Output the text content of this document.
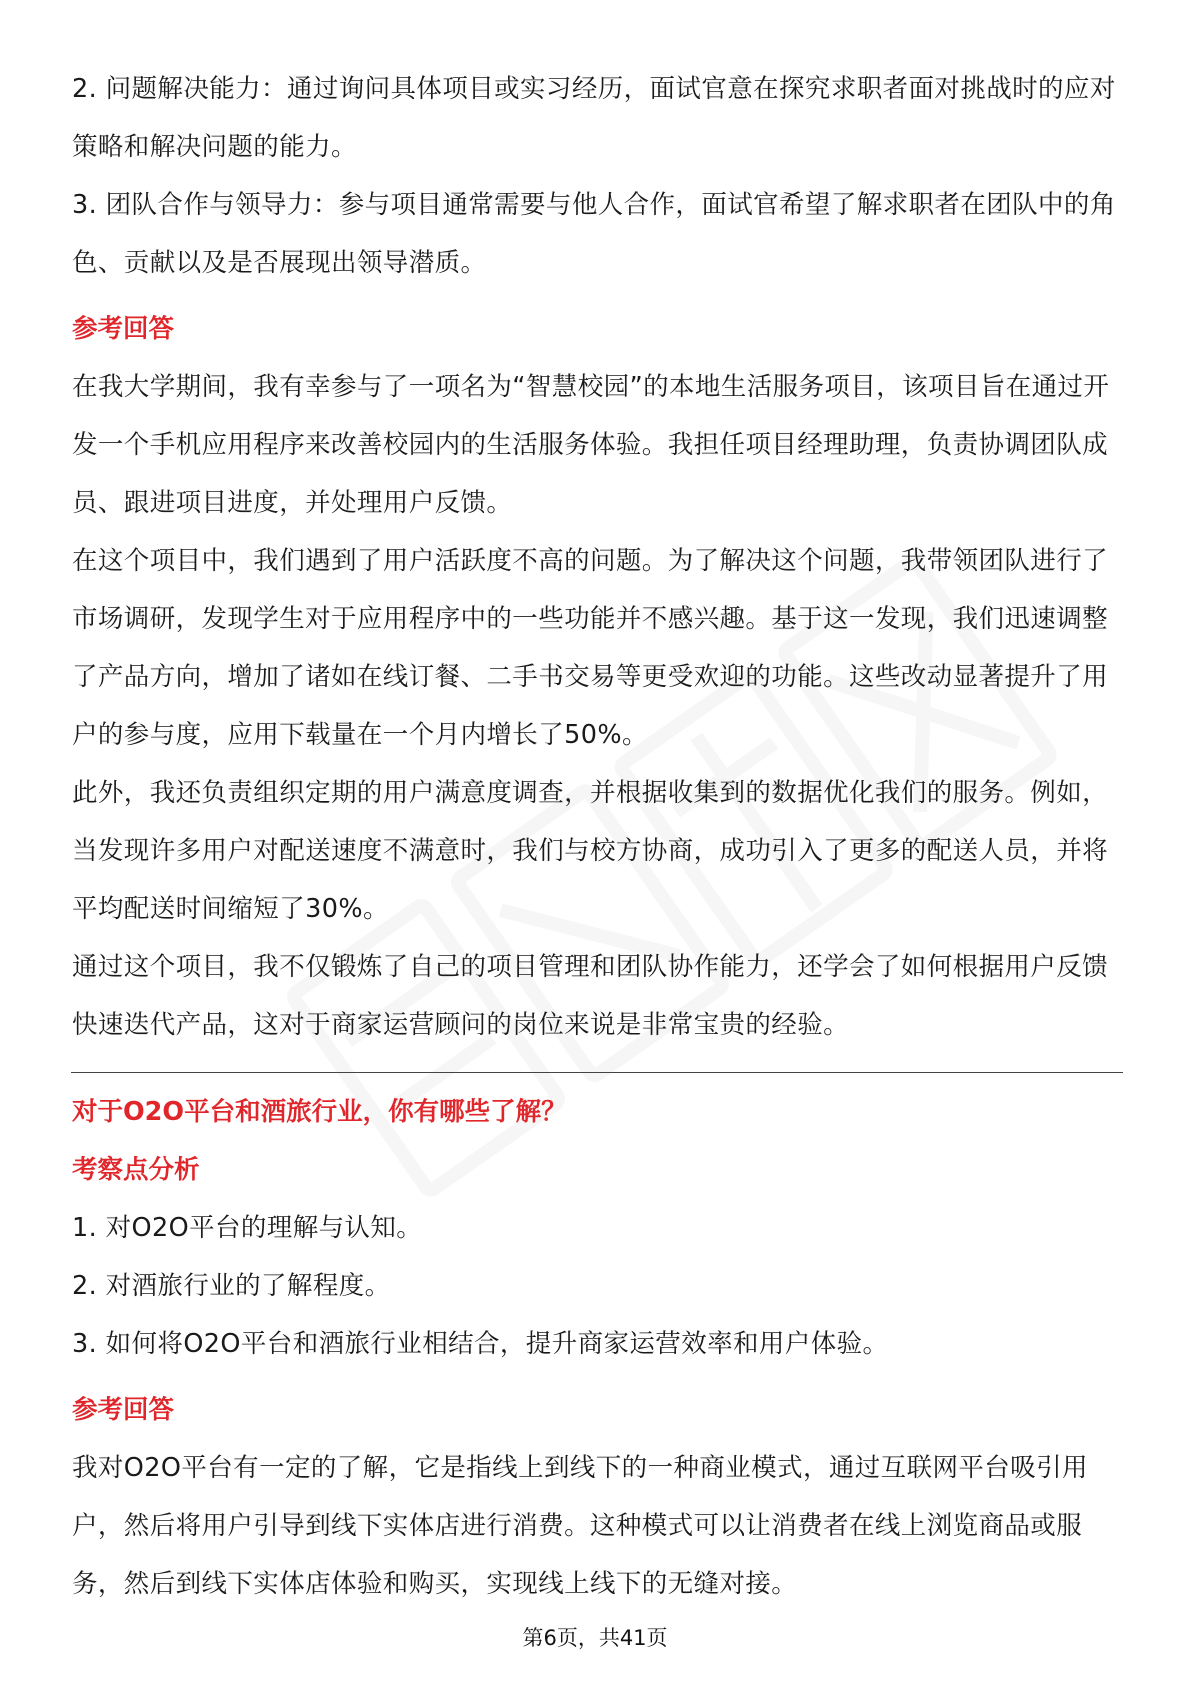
2. 问题解决能力：通过询问具体项目或实习经历，面试官意在探究求职者面对挑战时的应对策略和解决问题的能力。

3. 团队合作与领导力：参与项目通常需要与他人合作，面试官希望了解求职者在团队中的角色、贡献以及是否展现出领导潜质。

参考回答

在我大学期间，我有幸参与了一项名为“智慧校园”的本地生活服务项目，该项目旨在通过开发一个手机应用程序来改善校园内的生活服务体验。我担任项目经理助理，负责协调团队成员、跟进项目进度，并处理用户反馈。

在这个项目中，我们遇到了用户活跃度不高的问题。为了解决这个问题，我带领团队进行了市场调研，发现学生对于应用程序中的一些功能并不感兴趣。基于这一发现，我们迅速调整了产品方向，增加了诸如在线订餐、二手书交易等更受欢迎的功能。这些改动显著提升了用户的参与度，应用下载量在一个月内增长了50%。

此外，我还负责组织定期的用户满意度调查，并根据收集到的数据优化我们的服务。例如，当发现许多用户对配送速度不满意时，我们与校方协商，成功引入了更多的配送人员，并将平均配送时间缩短了30%。

通过这个项目，我不仅锻炼了自己的项目管理和团队协作能力，还学会了如何根据用户反馈快速迭代产品，这对于商家运营顾问的岗位来说是非常宝贵的经验。

对于O2O平台和酒旅行业，你有哪些了解？

考察点分析

1. 对O2O平台的理解与认知。

2. 对酒旅行业的了解程度。

3. 如何将O2O平台和酒旅行业相结合，提升商家运营效率和用户体验。

参考回答

我对O2O平台有一定的了解，它是指线上到线下的一种商业模式，通过互联网平台吸引用户，然后将用户引导到线下实体店进行消费。这种模式可以让消费者在线上浏览商品或服务，然后到线下实体店体验和购买，实现线上线下的无缝对接。

第6页，共41页
